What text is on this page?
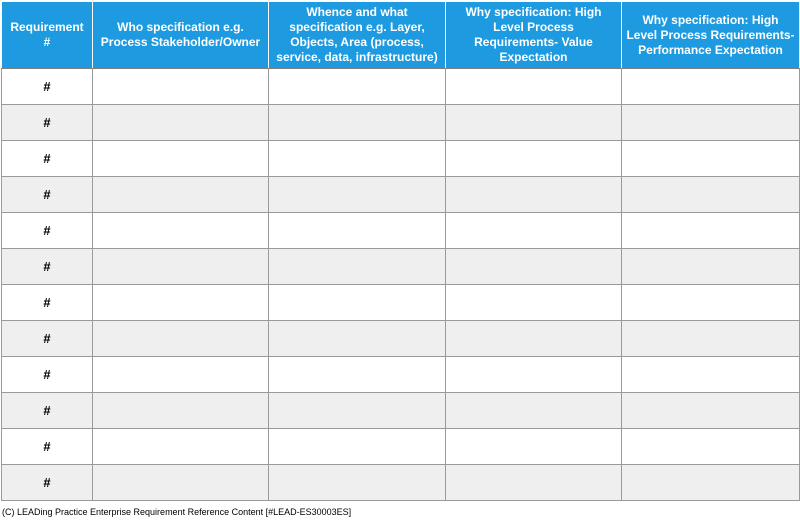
Requirement #	Who specification e.g. Process Stakeholder/Owner	Whence and what specification e.g. Layer, Objects, Area (process, service, data, infrastructure)	Why specification: High Level Process Requirements- Value Expectation	Why specification: High Level Process Requirements- Performance Expectation
#				
#				
#				
#				
#				
#				
#				
#				
#				
#				
#				
#				
(C) LEADing Practice Enterprise Requirement Reference Content [#LEAD-ES30003ES]
